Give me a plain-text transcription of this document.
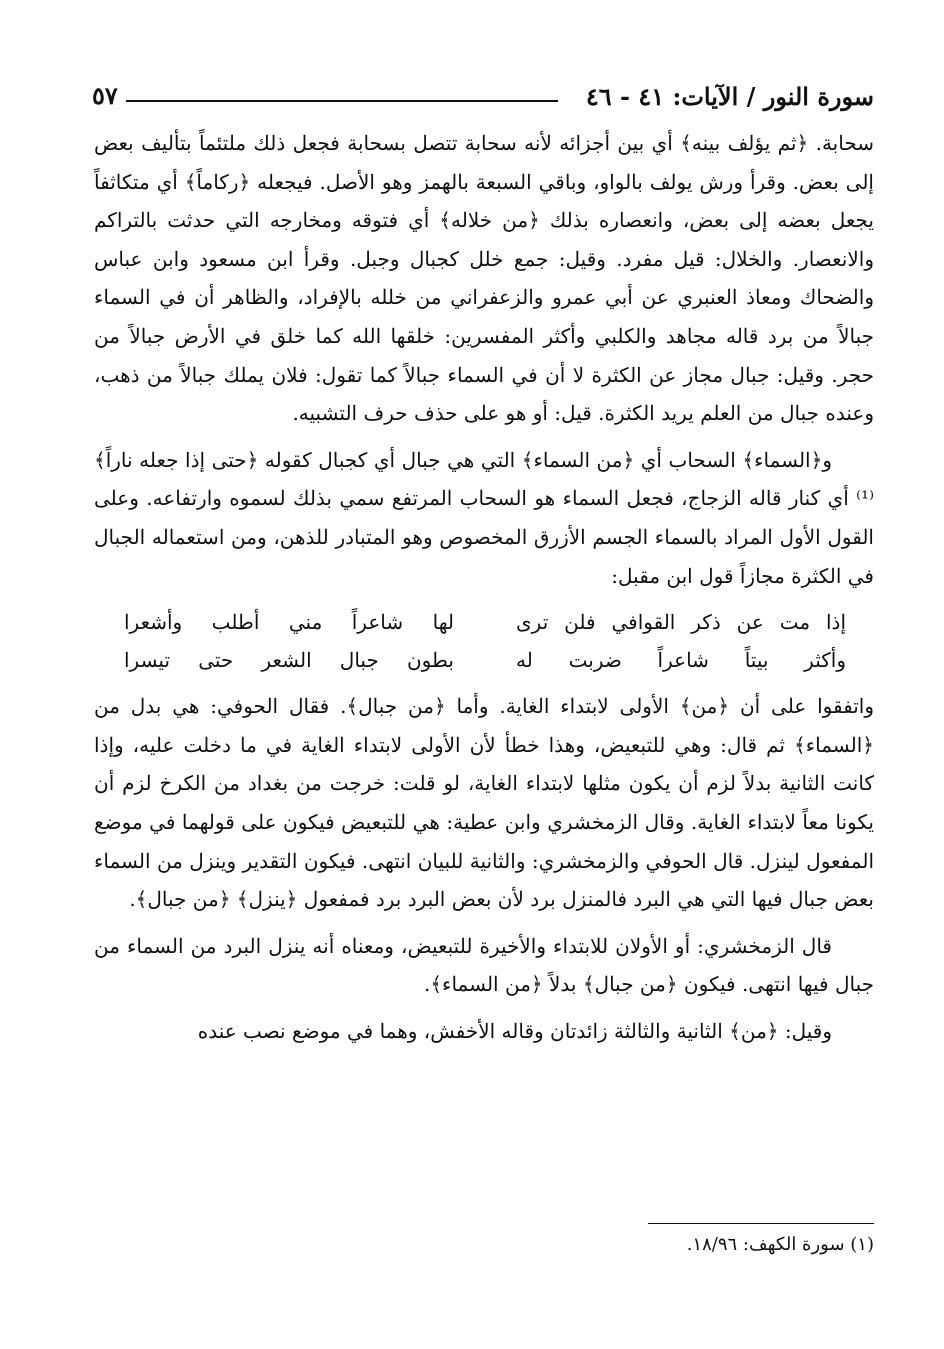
سورة النور / الآيات: ٤١ - ٤٦
٥٧

سحابة. ﴿ثم يؤلف بينه﴾ أي بين أجزائه لأنه سحابة تتصل بسحابة فجعل ذلك ملتئماً بتأليف بعض إلى بعض. وقرأ ورش يولف بالواو، وباقي السبعة بالهمز وهو الأصل. فيجعله ﴿ركاماً﴾ أي متكاثفاً يجعل بعضه إلى بعض، وانعصاره بذلك ﴿من خلاله﴾ أي فتوقه ومخارجه التي حدثت بالتراكم والانعصار. والخلال: قيل مفرد. وقيل: جمع خلل كجبال وجبل. وقرأ ابن مسعود وابن عباس والضحاك ومعاذ العنبري عن أبي عمرو والزعفراني من خلله بالإفراد، والظاهر أن في السماء جبالاً من برد قاله مجاهد والكلبي وأكثر المفسرين: خلقها الله كما خلق في الأرض جبالاً من حجر. وقيل: جبال مجاز عن الكثرة لا أن في السماء جبالاً كما تقول: فلان يملك جبالاً من ذهب، وعنده جبال من العلم يريد الكثرة. قيل: أو هو على حذف حرف التشبيه.

و﴿السماء﴾ السحاب أي ﴿من السماء﴾ التي هي جبال أي كجبال كقوله ﴿حتى إذا جعله ناراً﴾⁽¹⁾ أي كنار قاله الزجاج، فجعل السماء هو السحاب المرتفع سمي بذلك لسموه وارتفاعه. وعلى القول الأول المراد بالسماء الجسم الأزرق المخصوص وهو المتبادر للذهن، ومن استعماله الجبال في الكثرة مجازاً قول ابن مقبل:

إذا مت عن ذكر القوافي فلن ترى
لها شاعراً مني أطلب وأشعرا
وأكثر بيتاً شاعراً ضربت له
بطون جبال الشعر حتى تيسرا

واتفقوا على أن ﴿من﴾ الأولى لابتداء الغاية. وأما ﴿من جبال﴾. فقال الحوفي: هي بدل من ﴿السماء﴾ ثم قال: وهي للتبعيض، وهذا خطأ لأن الأولى لابتداء الغاية في ما دخلت عليه، وإذا كانت الثانية بدلاً لزم أن يكون مثلها لابتداء الغاية، لو قلت: خرجت من بغداد من الكرخ لزم أن يكونا معاً لابتداء الغاية. وقال الزمخشري وابن عطية: هي للتبعيض فيكون على قولهما في موضع المفعول لينزل. قال الحوفي والزمخشري: والثانية للبيان انتهى. فيكون التقدير وينزل من السماء بعض جبال فيها التي هي البرد فالمنزل برد لأن بعض البرد برد فمفعول ﴿ينزل﴾ ﴿من جبال﴾.

قال الزمخشري: أو الأولان للابتداء والأخيرة للتبعيض، ومعناه أنه ينزل البرد من السماء من جبال فيها انتهى. فيكون ﴿من جبال﴾ بدلاً ﴿من السماء﴾.

وقيل: ﴿من﴾ الثانية والثالثة زائدتان وقاله الأخفش، وهما في موضع نصب عنده

(١) سورة الكهف: ١٨/٩٦.
